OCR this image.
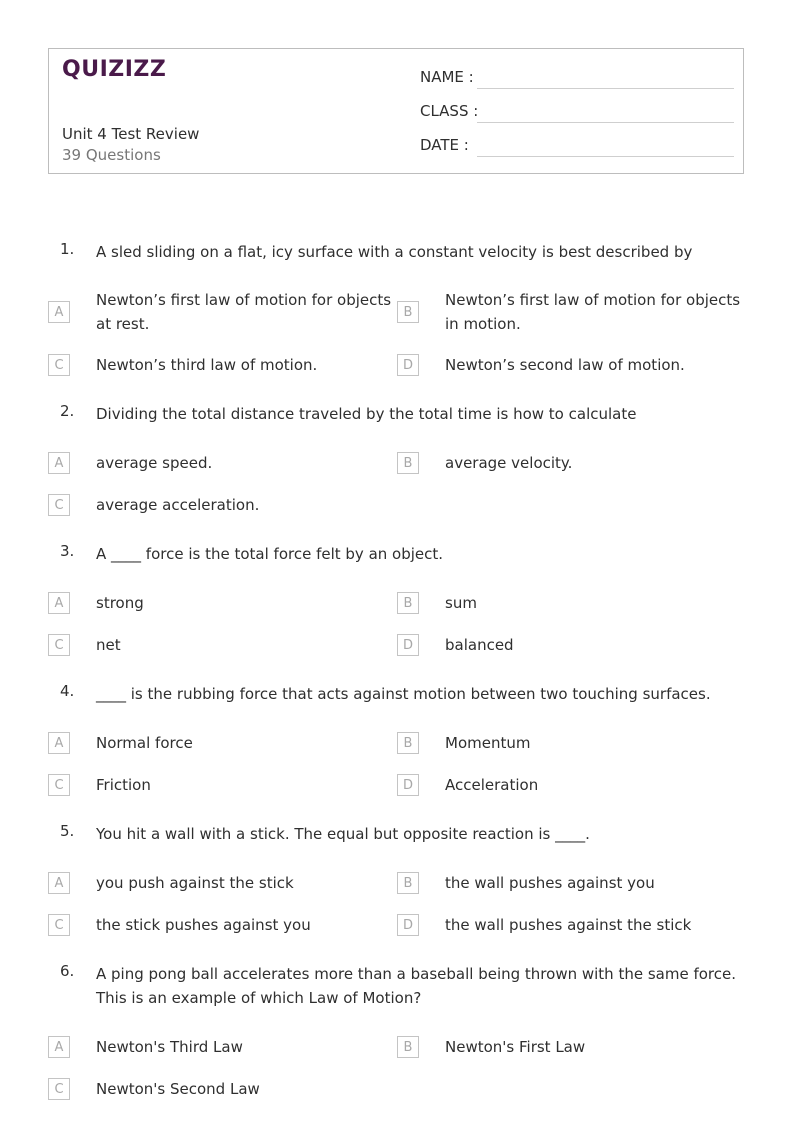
QUIZIZZ
Unit 4 Test Review
39 Questions
NAME :
CLASS :
DATE :
1. A sled sliding on a flat, icy surface with a constant velocity is best described by
A
Newton’s first law of motion for objects at rest.
B
Newton’s first law of motion for objects in motion.
C	Newton’s third law of motion.	D	Newton’s second law of motion.
2. Dividing the total distance traveled by the total time is how to calculate
A	average speed.	B	average velocity.
C	average acceleration.
3. A ____ force is the total force felt by an object.
A	strong	B	sum
C	net	D	balanced
4. ____ is the rubbing force that acts against motion between two touching surfaces.
A	Normal force	B	Momentum
C	Friction	D	Acceleration
5. You hit a wall with a stick. The equal but opposite reaction is ____.
A	you push against the stick	B	the wall pushes against you
C	the stick pushes against you	D	the wall pushes against the stick
6. A ping pong ball accelerates more than a baseball being thrown with the same force. This is an example of which Law of Motion?
A	Newton's Third Law	B	Newton's First Law
C	Newton's Second Law
